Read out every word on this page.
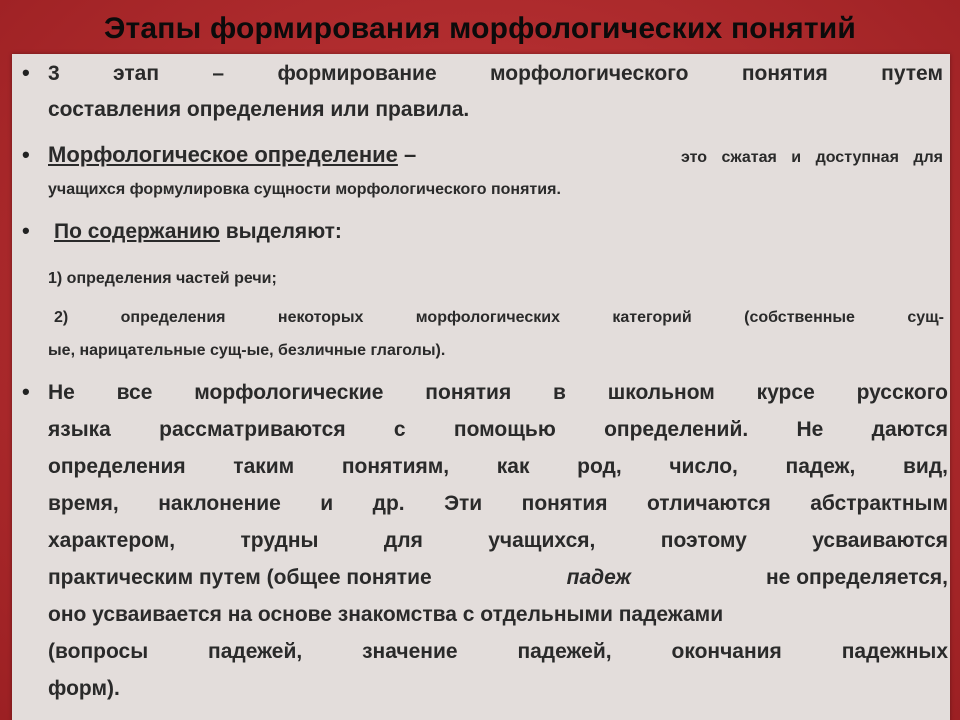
Этапы формирования морфологических понятий
• 3 этап – формирование морфологического понятия путем
составления определения или правила.
• Морфологическое определение –	это сжатая и доступная для
учащихся формулировка сущности морфологического понятия.
• По содержанию выделяют:
1) определения частей речи;
2) определения некоторых морфологических категорий (собственные сущ-
ые, нарицательные сущ-ые, безличные глаголы).
• Не все морфологические понятия в школьном курсе русского
языка рассматриваются с помощью определений. Не даются
определения таким понятиям, как род, число, падеж, вид,
время, наклонение и др. Эти понятия отличаются абстрактным
характером, трудны для учащихся, поэтому усваиваются
практическим путем (общее понятие	падеж	не определяется,
оно усваивается на основе знакомства с отдельными падежами
(вопросы падежей, значение падежей, окончания падежных
форм).
